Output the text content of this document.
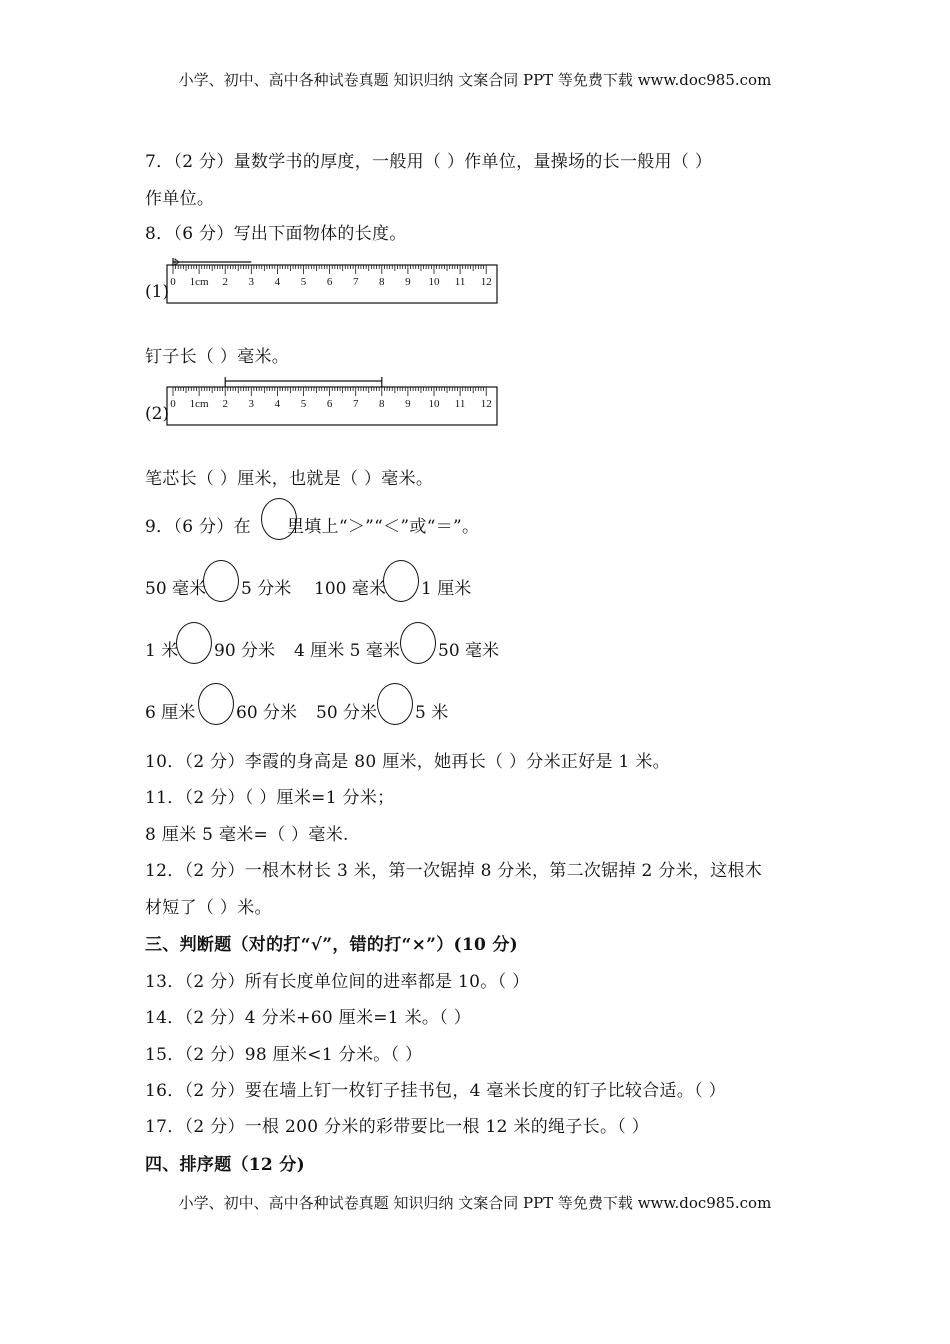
小学、初中、高中各种试卷真题 知识归纳 文案合同 PPT 等免费下载 www.doc985.com
7．（2 分）量数学书的厚度，一般用（ ）作单位，量操场的长一般用（ ）
作单位。
8．（6 分）写出下面物体的长度。
(1) 0 1cm 2 3 4 5 6 7 8 9 10 11 12
钉子长（ ）毫米。
(2) 0 1cm 2 3 4 5 6 7 8 9 10 11 12
笔芯长（ ）厘米，也就是（ ）毫米。
9．（6 分）在 里填上“＞”“＜”或“＝”。
50 毫米 5 分米 100 毫米 1 厘米
1 米 90 分米 4 厘米 5 毫米 50 毫米
6 厘米 60 分米 50 分米 5 米
10．（2 分）李霞的身高是 80 厘米，她再长（ ）分米正好是 1 米。
11．（2 分）（ ）厘米=1 分米；
8 厘米 5 毫米=（ ）毫米.
12．（2 分）一根木材长 3 米，第一次锯掉 8 分米，第二次锯掉 2 分米，这根木
材短了（ ）米。
三、判断题（对的打“√”，错的打“×”）(10 分)
13．（2 分）所有长度单位间的进率都是 10。（ ）
14．（2 分）4 分米+60 厘米=1 米。（ ）
15．（2 分）98 厘米<1 分米。（ ）
16．（2 分）要在墙上钉一枚钉子挂书包，4 毫米长度的钉子比较合适。（ ）
17．（2 分）一根 200 分米的彩带要比一根 12 米的绳子长。（ ）
四、排序题（12 分)
小学、初中、高中各种试卷真题 知识归纳 文案合同 PPT 等免费下载 www.doc985.com
